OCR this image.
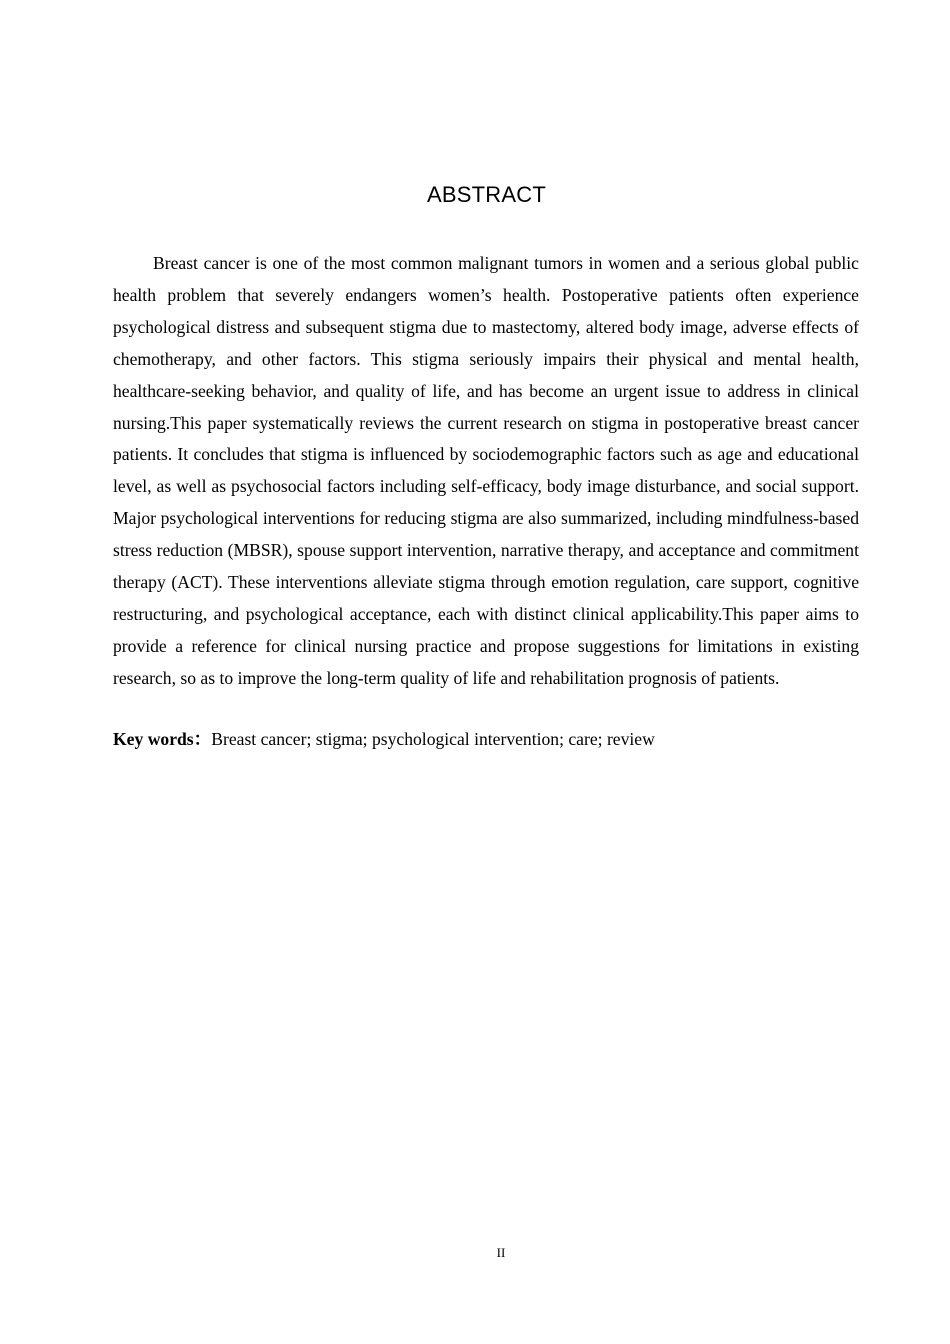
ABSTRACT

Breast cancer is one of the most common malignant tumors in women and a serious global public health problem that severely endangers women’s health. Postoperative patients often experience psychological distress and subsequent stigma due to mastectomy, altered body image, adverse effects of chemotherapy, and other factors. This stigma seriously impairs their physical and mental health, healthcare-seeking behavior, and quality of life, and has become an urgent issue to address in clinical nursing.This paper systematically reviews the current research on stigma in postoperative breast cancer patients. It concludes that stigma is influenced by sociodemographic factors such as age and educational level, as well as psychosocial factors including self-efficacy, body image disturbance, and social support. Major psychological interventions for reducing stigma are also summarized, including mindfulness-based stress reduction (MBSR), spouse support intervention, narrative therapy, and acceptance and commitment therapy (ACT). These interventions alleviate stigma through emotion regulation, care support, cognitive restructuring, and psychological acceptance, each with distinct clinical applicability.This paper aims to provide a reference for clinical nursing practice and propose suggestions for limitations in existing research, so as to improve the long-term quality of life and rehabilitation prognosis of patients.

Key words：Breast cancer; stigma; psychological intervention; care; review
II
